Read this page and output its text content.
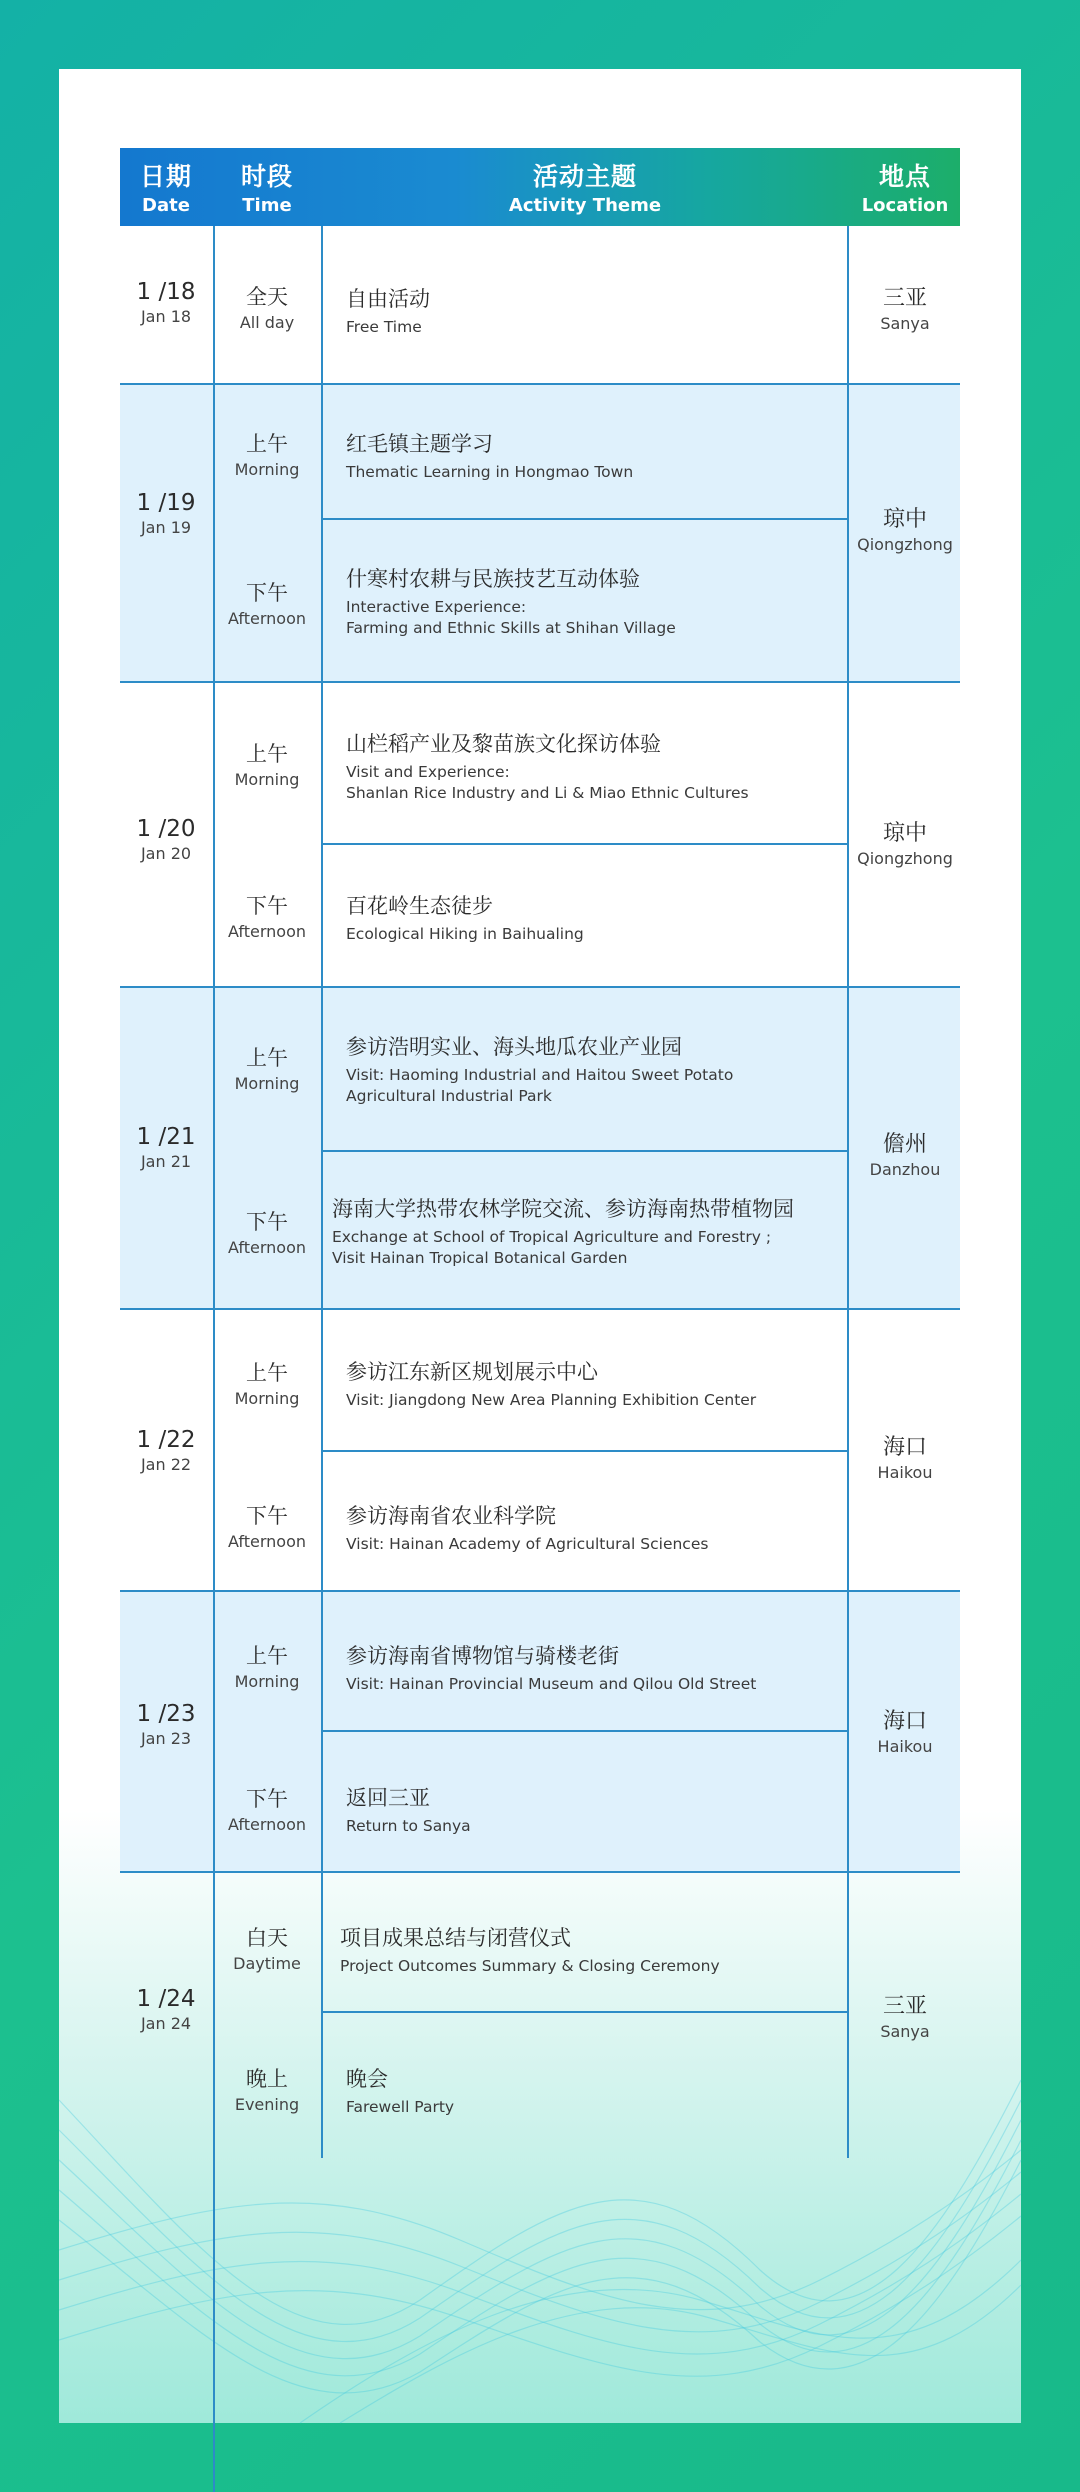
日期
Date
时段
Time
活动主题
Activity Theme
地点
Location
1 /18
Jan 18
全天
All day
自由活动
Free Time
三亚
Sanya
1 /19
Jan 19
上午
Morning
红毛镇主题学习
Thematic Learning in Hongmao Town
下午
Afternoon
什寒村农耕与民族技艺互动体验
Interactive Experience:
Farming and Ethnic Skills at Shihan Village
琼中
Qiongzhong
1 /20
Jan 20
上午
Morning
山栏稻产业及黎苗族文化探访体验
Visit and Experience:
Shanlan Rice Industry and Li & Miao Ethnic Cultures
下午
Afternoon
百花岭生态徒步
Ecological Hiking in Baihualing
琼中
Qiongzhong
1 /21
Jan 21
上午
Morning
参访浩明实业、海头地瓜农业产业园
Visit: Haoming Industrial and Haitou Sweet Potato
Agricultural Industrial Park
下午
Afternoon
海南大学热带农林学院交流、参访海南热带植物园
Exchange at School of Tropical Agriculture and Forestry ;
Visit Hainan Tropical Botanical Garden
儋州
Danzhou
1 /22
Jan 22
上午
Morning
参访江东新区规划展示中心
Visit: Jiangdong New Area Planning Exhibition Center
下午
Afternoon
参访海南省农业科学院
Visit: Hainan Academy of Agricultural Sciences
海口
Haikou
1 /23
Jan 23
上午
Morning
参访海南省博物馆与骑楼老街
Visit: Hainan Provincial Museum and Qilou Old Street
下午
Afternoon
返回三亚
Return to Sanya
海口
Haikou
1 /24
Jan 24
白天
Daytime
项目成果总结与闭营仪式
Project Outcomes Summary & Closing Ceremony
晚上
Evening
晚会
Farewell Party
三亚
Sanya
